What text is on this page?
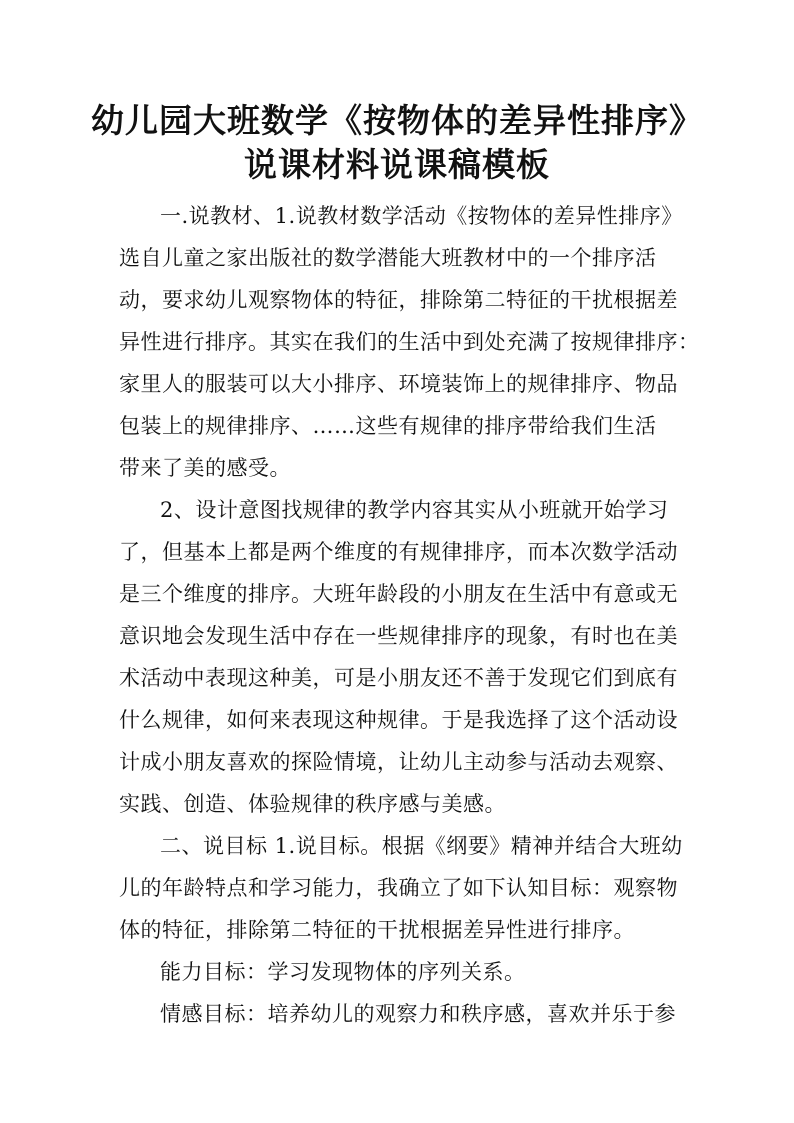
幼儿园大班数学《按物体的差异性排序》
说课材料说课稿模板
一.说教材、1.说教材数学活动《按物体的差异性排序》
选自儿童之家出版社的数学潜能大班教材中的一个排序活
动，要求幼儿观察物体的特征，排除第二特征的干扰根据差
异性进行排序。其实在我们的生活中到处充满了按规律排序：
家里人的服装可以大小排序、环境装饰上的规律排序、物品
包装上的规律排序、……这些有规律的排序带给我们生活
带来了美的感受。
2、设计意图找规律的教学内容其实从小班就开始学习
了，但基本上都是两个维度的有规律排序，而本次数学活动
是三个维度的排序。大班年龄段的小朋友在生活中有意或无
意识地会发现生活中存在一些规律排序的现象，有时也在美
术活动中表现这种美，可是小朋友还不善于发现它们到底有
什么规律，如何来表现这种规律。于是我选择了这个活动设
计成小朋友喜欢的探险情境，让幼儿主动参与活动去观察、
实践、创造、体验规律的秩序感与美感。
二、说目标 1.说目标。根据《纲要》精神并结合大班幼
儿的年龄特点和学习能力，我确立了如下认知目标：观察物
体的特征，排除第二特征的干扰根据差异性进行排序。
能力目标：学习发现物体的序列关系。
情感目标：培养幼儿的观察力和秩序感，喜欢并乐于参
